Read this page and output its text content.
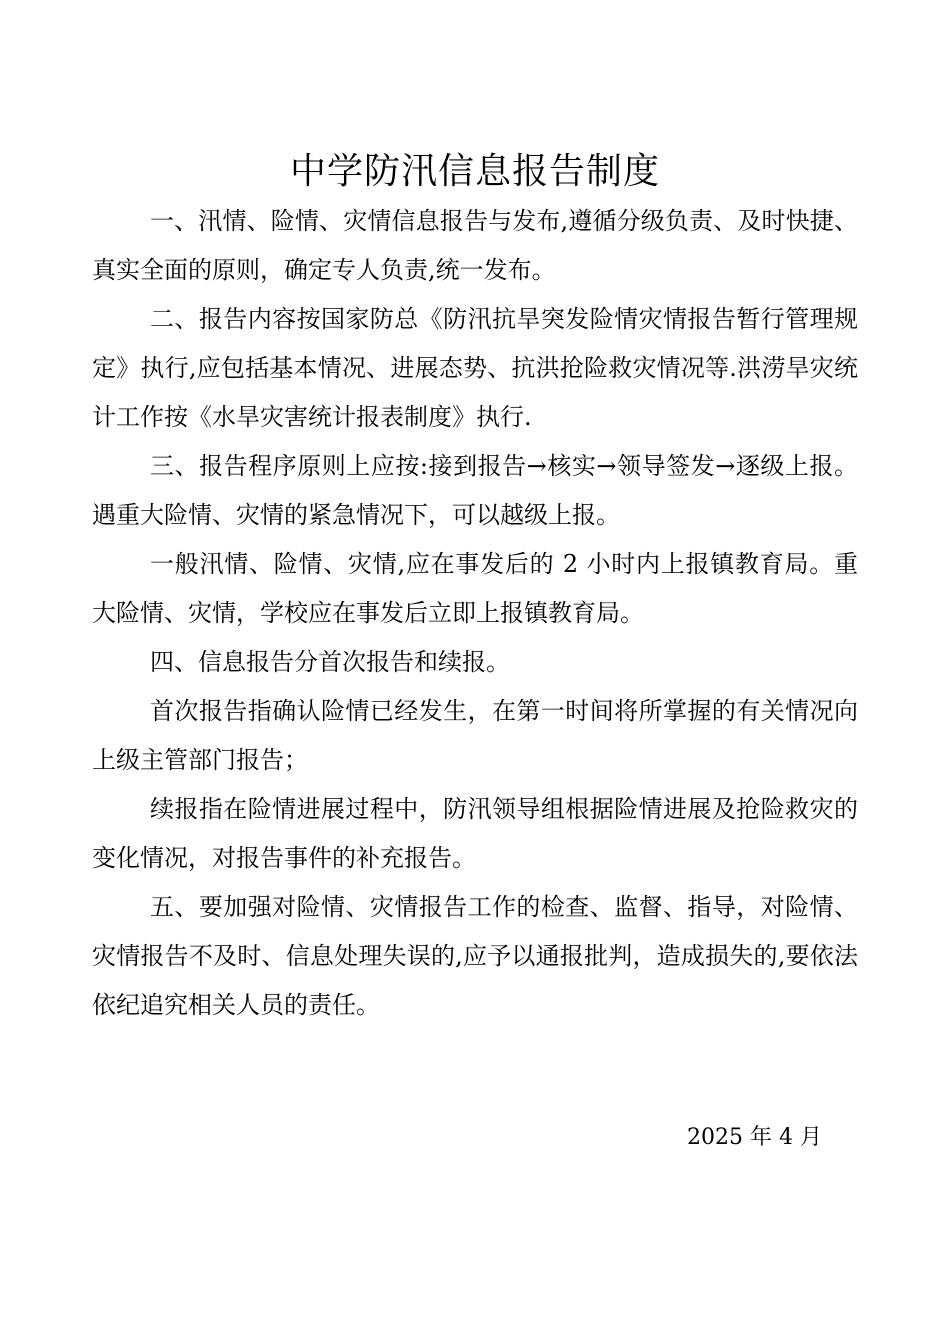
中学防汛信息报告制度

一、汛情、险情、灾情信息报告与发布,遵循分级负责、及时快捷、真实全面的原则，确定专人负责,统一发布。

二、报告内容按国家防总《防汛抗旱突发险情灾情报告暂行管理规定》执行,应包括基本情况、进展态势、抗洪抢险救灾情况等.洪涝旱灾统计工作按《水旱灾害统计报表制度》执行.

三、报告程序原则上应按:接到报告→核实→领导签发→逐级上报。遇重大险情、灾情的紧急情况下，可以越级上报。

一般汛情、险情、灾情,应在事发后的 2 小时内上报镇教育局。重大险情、灾情，学校应在事发后立即上报镇教育局。

四、信息报告分首次报告和续报。

首次报告指确认险情已经发生，在第一时间将所掌握的有关情况向上级主管部门报告；

续报指在险情进展过程中，防汛领导组根据险情进展及抢险救灾的变化情况，对报告事件的补充报告。

五、要加强对险情、灾情报告工作的检查、监督、指导，对险情、灾情报告不及时、信息处理失误的,应予以通报批判，造成损失的,要依法依纪追究相关人员的责任。

2025 年 4 月
